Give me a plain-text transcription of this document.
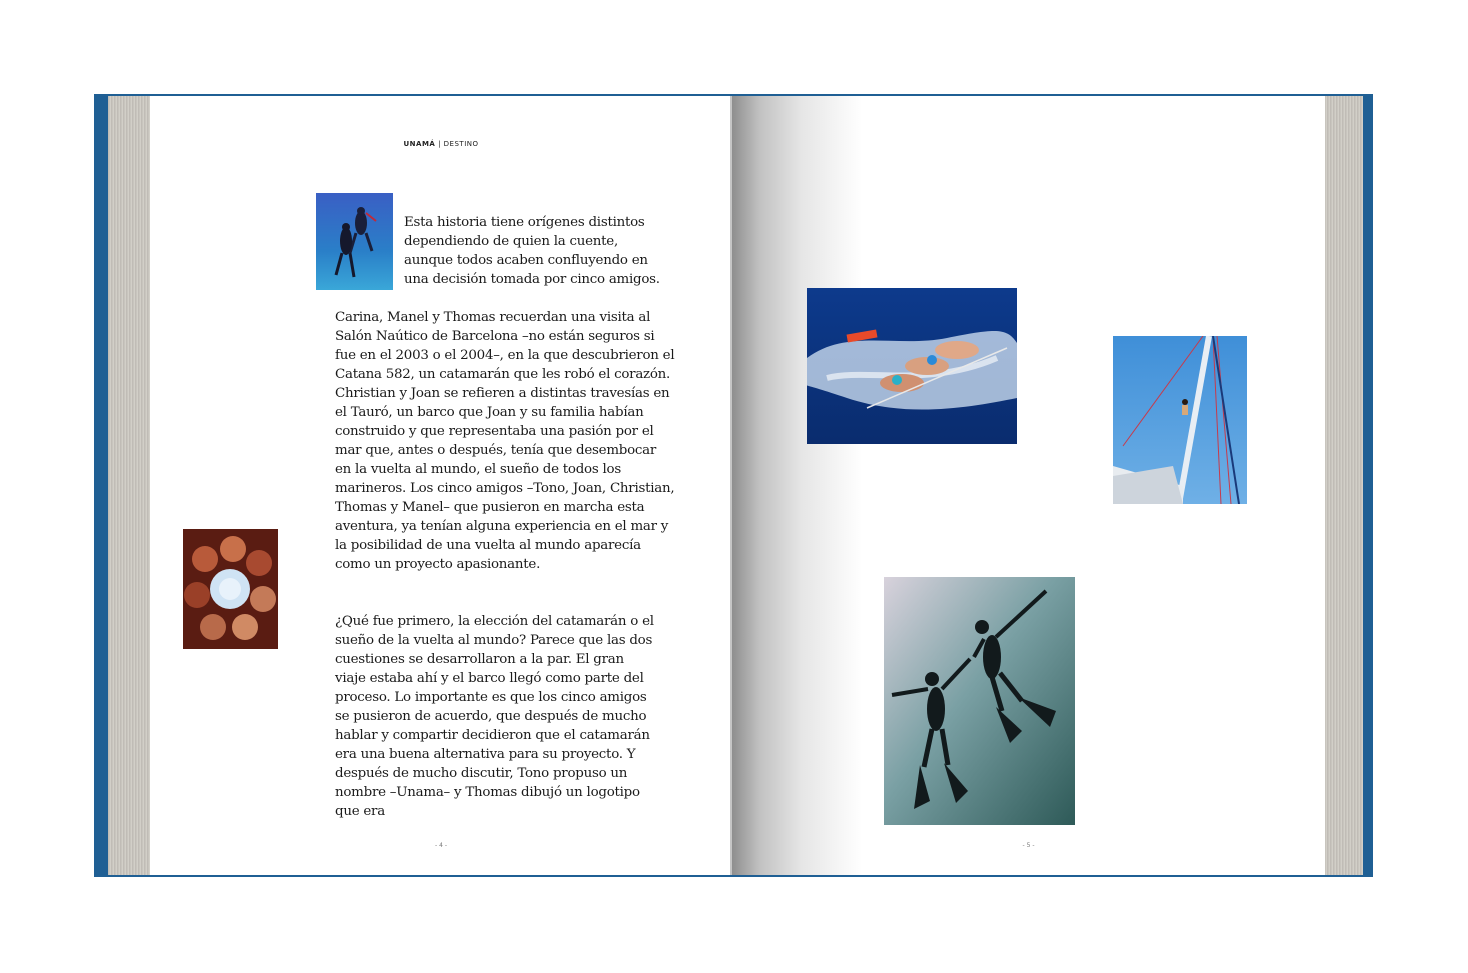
UNAMÁ | DESTINO
Esta historia tiene orígenes distintos dependiendo de quien la cuente, aunque todos acaben confluyendo en una decisión tomada por cinco amigos.
Carina, Manel y Thomas recuerdan una visita al Salón Naútico de Barcelona –no están seguros si fue en el 2003 o el 2004–, en la que descubrieron el Catana 582, un catamarán que les robó el corazón. Christian y Joan se refieren a distintas travesías en el Tauró, un barco que Joan y su familia habían construido y que representaba una pasión por el mar que, antes o después, tenía que desembocar en la vuelta al mundo, el sueño de todos los marineros. Los cinco amigos –Tono, Joan, Christian, Thomas y Manel– que pusieron en marcha esta aventura, ya tenían alguna experiencia en el mar y la posibilidad de una vuelta al mundo aparecía como un proyecto apasionante.
¿Qué fue primero, la elección del catamarán o el sueño de la vuelta al mundo? Parece que las dos cuestiones se desarrollaron a la par. El gran viaje estaba ahí y el barco llegó como parte del proceso. Lo importante es que los cinco amigos se pusieron de acuerdo, que después de mucho hablar y compartir decidieron que el catamarán era una buena alternativa para su proyecto. Y después de mucho discutir, Tono propuso un nombre –Unama– y Thomas dibujó un logotipo que era
- 4 -	- 5 -
